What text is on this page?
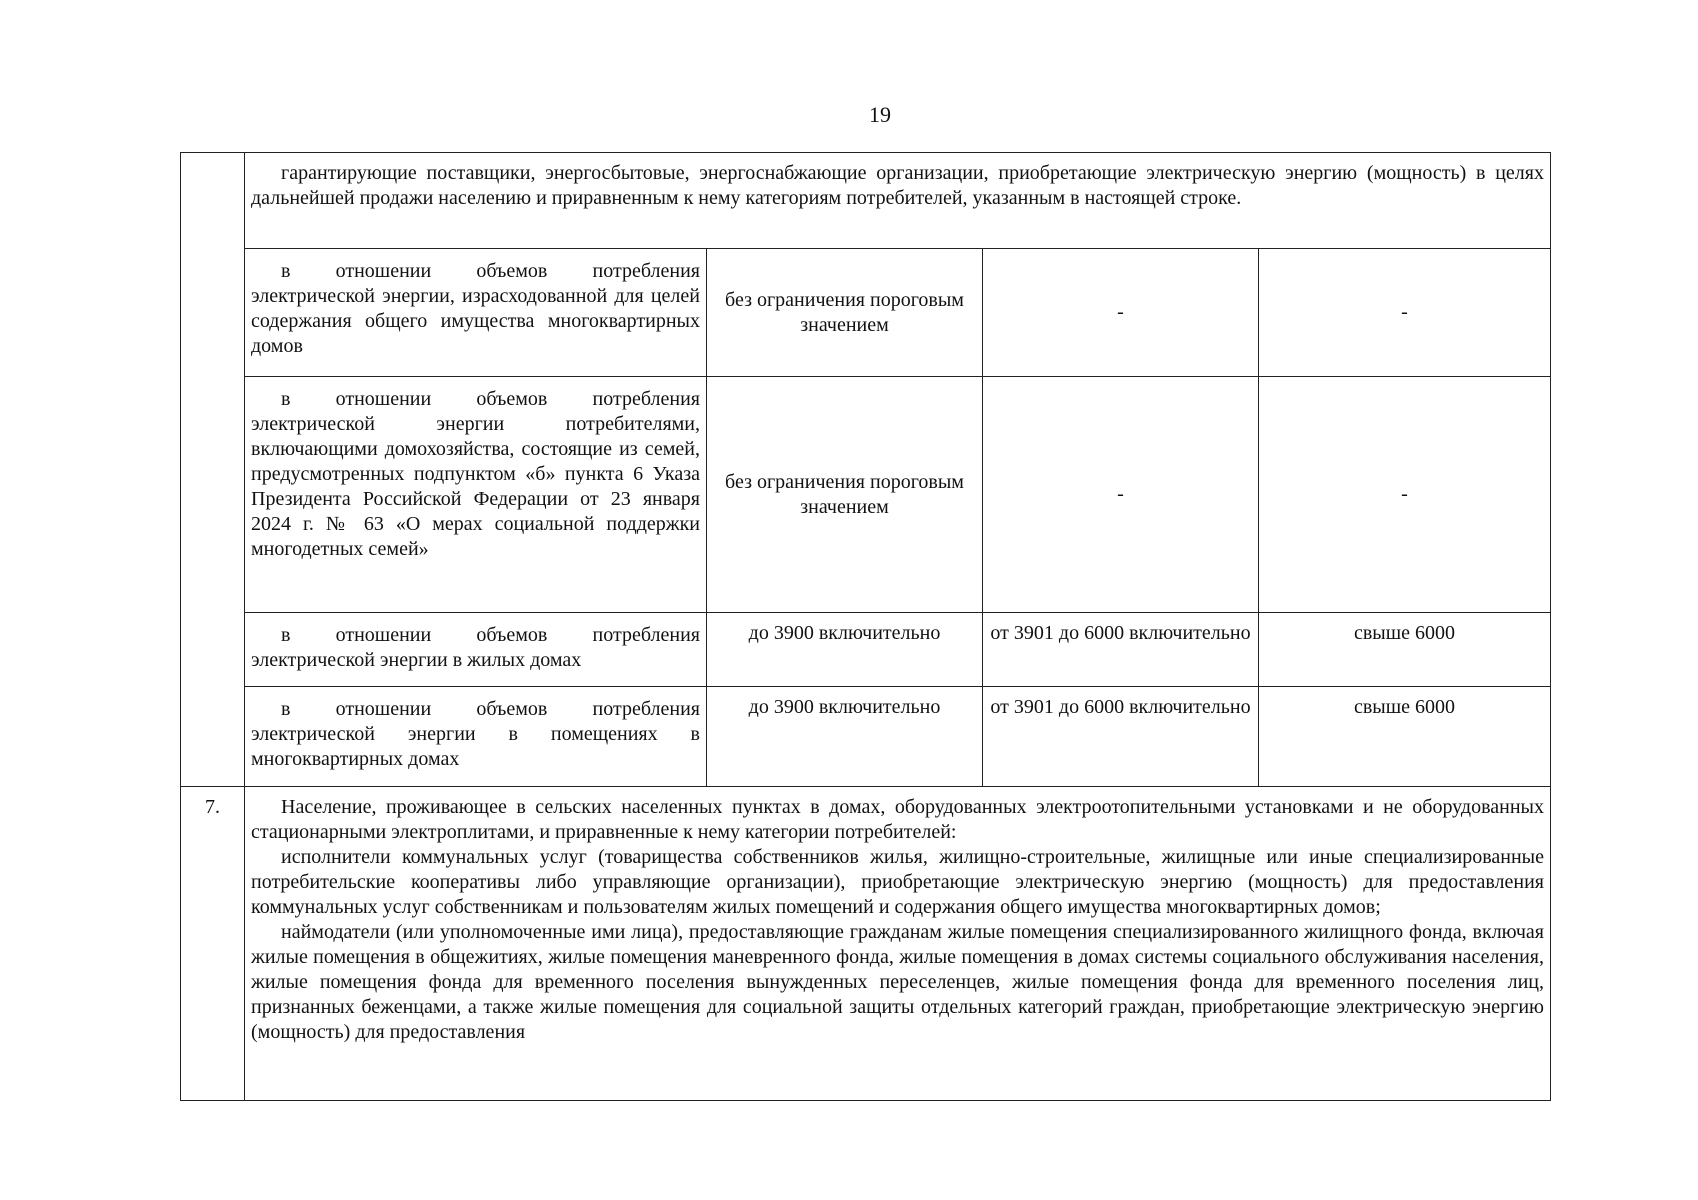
19

	гарантирующие поставщики, энергосбытовые, энергоснабжающие организации, приобретающие электрическую энергию (мощность) в целях дальнейшей продажи населению и приравненным к нему категориям потребителей, указанным в настоящей строке.			

	в отношении объемов потребления электрической энергии, израсходованной для целей содержания общего имущества многоквартирных домов	без ограничения пороговым значением	-	-

	в отношении объемов потребления электрической энергии потребителями, включающими домохозяйства, состоящие из семей, предусмотренных подпунктом «б» пункта 6 Указа Президента Российской Федерации от 23 января 2024 г. № 63 «О мерах социальной поддержки многодетных семей»	без ограничения пороговым значением	-	-

	в отношении объемов потребления электрической энергии в жилых домах	до 3900 включительно	от 3901 до 6000 включительно	свыше 6000

	в отношении объемов потребления электрической энергии в помещениях в многоквартирных домах	до 3900 включительно	от 3901 до 6000 включительно	свыше 6000
7.	Население, проживающее в сельских населенных пунктах в домах, оборудованных электроотопительными установками и не оборудованных стационарными электроплитами, и приравненные к нему категории потребителей:

исполнители коммунальных услуг (товарищества собственников жилья, жилищно-строительные, жилищные или иные специализированные потребительские кооперативы либо управляющие организации), приобретающие электрическую энергию (мощность) для предоставления коммунальных услуг собственникам и пользователям жилых помещений и содержания общего имущества многоквартирных домов;

наймодатели (или уполномоченные ими лица), предоставляющие гражданам жилые помещения специализированного жилищного фонда, включая жилые помещения в общежитиях, жилые помещения маневренного фонда, жилые помещения в домах системы социального обслуживания населения, жилые помещения фонда для временного поселения вынужденных переселенцев, жилые помещения фонда для временного поселения лиц, признанных беженцами, а также жилые помещения для социальной защиты отдельных категорий граждан, приобретающие электрическую энергию (мощность) для предоставления			
